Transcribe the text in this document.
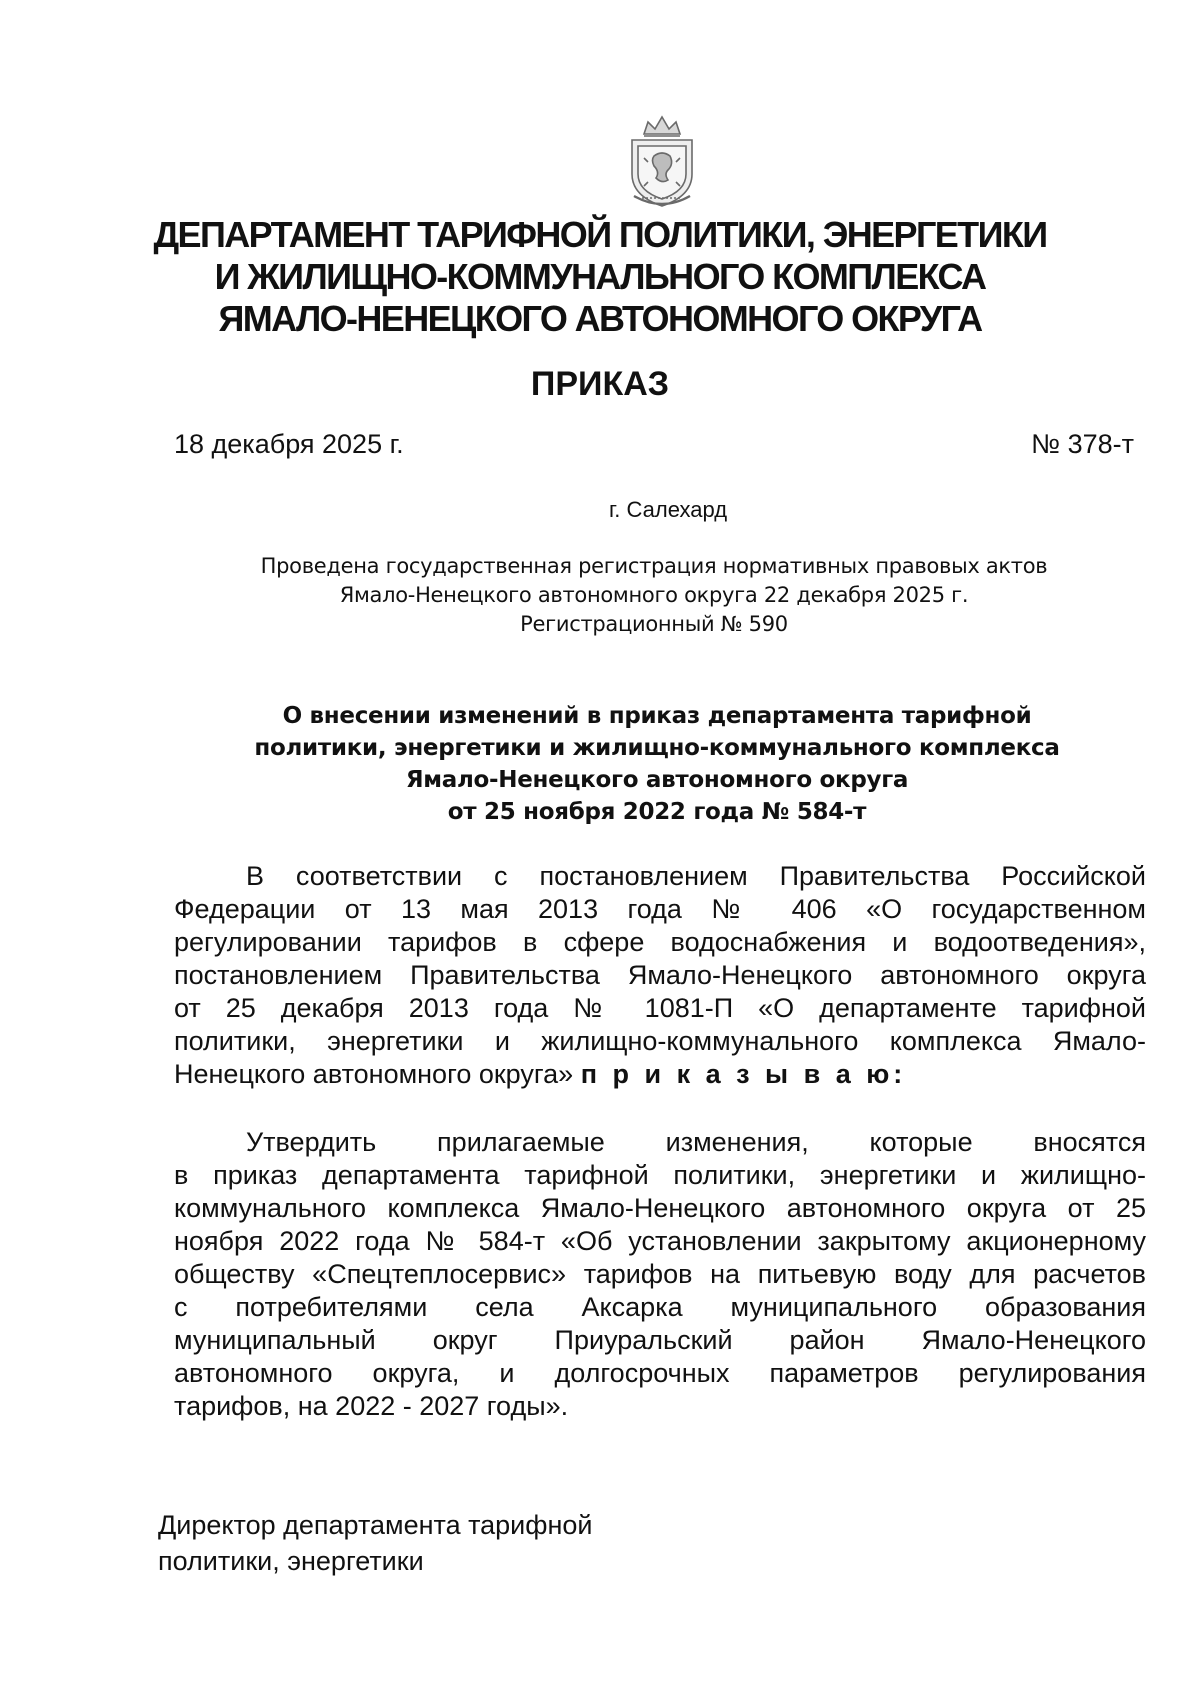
ДЕПАРТАМЕНТ ТАРИФНОЙ ПОЛИТИКИ, ЭНЕРГЕТИКИ
И ЖИЛИЩНО-КОММУНАЛЬНОГО КОМПЛЕКСА
ЯМАЛО-НЕНЕЦКОГО АВТОНОМНОГО ОКРУГА
ПРИКАЗ
18 декабря 2025 г.	№ 378-т
г. Салехард
Проведена государственная регистрация нормативных правовых актов
Ямало-Ненецкого автономного округа 22 декабря 2025 г.
Регистрационный № 590
О внесении изменений в приказ департамента тарифной
политики, энергетики и жилищно-коммунального комплекса
Ямало-Ненецкого автономного округа
от 25 ноября 2022 года № 584-т
В соответствии с постановлением Правительства Российской
Федерации от 13 мая 2013 года № 406 «О государственном
регулировании тарифов в сфере водоснабжения и водоотведения»,
постановлением Правительства Ямало-Ненецкого автономного округа
от 25 декабря 2013 года № 1081-П «О департаменте тарифной
политики, энергетики и жилищно-коммунального комплекса Ямало-
Ненецкого автономного округа» п р и к а з ы в а ю:
Утвердить прилагаемые изменения, которые вносятся
в приказ департамента тарифной политики, энергетики и жилищно-
коммунального комплекса Ямало-Ненецкого автономного округа от 25
ноября 2022 года № 584-т «Об установлении закрытому акционерному
обществу «Спецтеплосервис» тарифов на питьевую воду для расчетов
с потребителями села Аксарка муниципального образования
муниципальный округ Приуральский район Ямало-Ненецкого
автономного округа, и долгосрочных параметров регулирования
тарифов, на 2022 - 2027 годы».
Директор департамента тарифной
политики, энергетики
